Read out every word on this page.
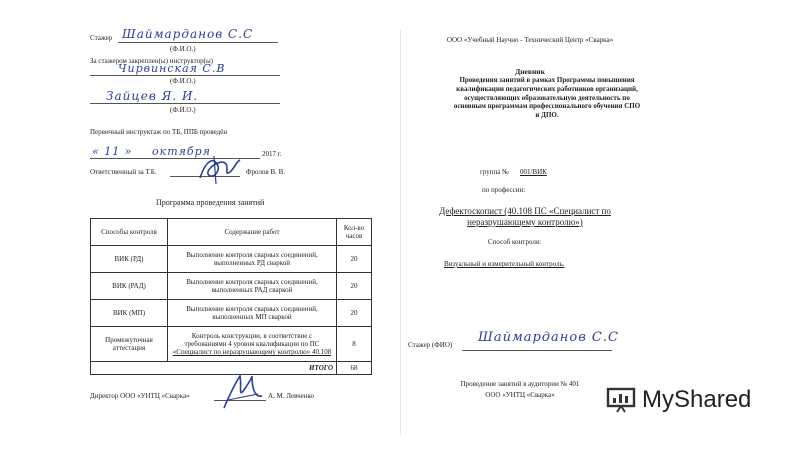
Стажер Шаймарданов С.С
(Ф.И.О.)
За стажером закреплен(ы) инструктор(ы)
Чирвинская С.В
(Ф.И.О.)
Зайцев Я. И.
(Ф.И.О.)
Первичный инструктаж по ТБ, ППБ проведён
« 11 » октября	2017 г.
Ответственный за Т.Б.	Фролов В. В.
Программа проведения занятий
Способы контроля	Содержание работ	Кол-во часов
ВИК (РД)	Выполнение контроля сварных соединений, выполненных РД сваркой	20
ВИК (РАД)	Выполнение контроля сварных соединений, выполненных РАД сваркой	20
ВИК (МП)	Выполнение контроля сварных соединений, выполненных МП сваркой	20
Промежуточная аттестация	Контроль конструкции, в соответствие с требованиями 4 уровня квалификации по ПС «Специалист по неразрушающему контролю» 40.108	8
ИТОГО		68
Директор ООО «УНТЦ «Сварка»	А. М. Левченко
ООО «Учебный Научно - Технический Центр «Сварка»
Дневник
Проведения занятий в рамках Программы повышения квалификации педагогических работников организаций, осуществляющих образовательную деятельность по основным программам профессионального обучения СПО и ДПО.
группа № 001/ВИК
по профессии:
Дефектоскопист (40.108 ПС «Специалист по неразрушающему контролю»)
Способ контроля:
Визуальный и измерительный контроль.
Стажер (ФИО) Шаймарданов С.С
Проведение занятий в аудитории № 401
ООО «УНТЦ «Сварка»	MyShared
